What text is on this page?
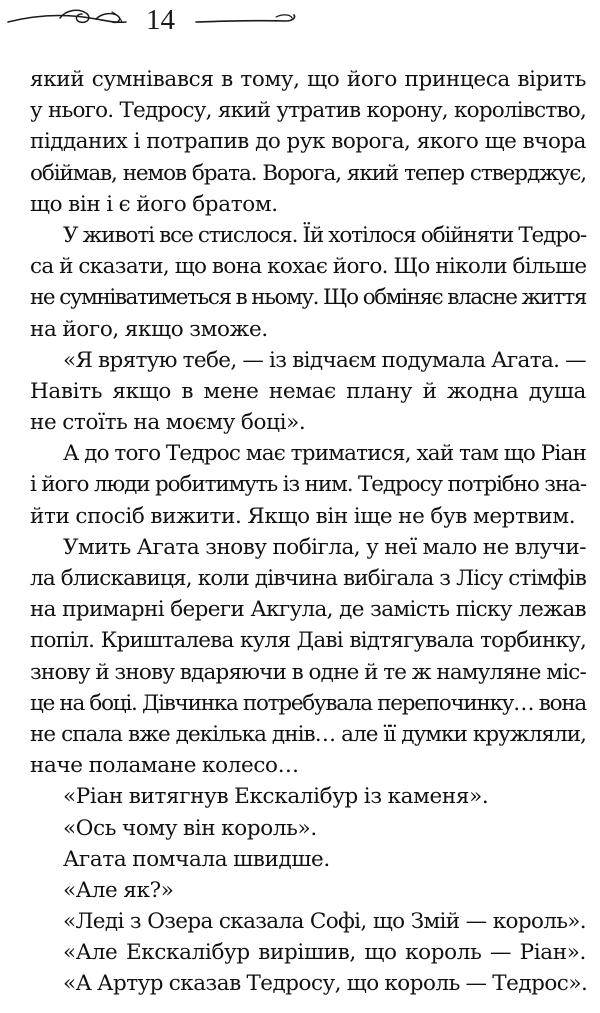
14
який сумнівався в тому, що його принцеса вірить
у нього. Тедросу, який утратив корону, королівство,
підданих і потрапив до рук ворога, якого ще вчора
обіймав, немов брата. Ворога, який тепер стверджує,
що він і є його братом.
У животі все стислося. Їй хотілося обійняти Тедро-
са й сказати, що вона кохає його. Що ніколи більше
не сумніватиметься в ньому. Що обміняє власне життя
на його, якщо зможе.
«Я врятую тебе, — із відчаєм подумала Агата. —
Навіть якщо в мене немає плану й жодна душа
не стоїть на моєму боці».
А до того Тедрос має триматися, хай там що Ріан
і його люди робитимуть із ним. Тедросу потрібно зна-
йти спосіб вижити. Якщо він іще не був мертвим.
Умить Агата знову побігла, у неї мало не влучи-
ла блискавиця, коли дівчина вибігала з Лісу стімфів
на примарні береги Акгула, де замість піску лежав
попіл. Кришталева куля Даві відтягувала торбинку,
знову й знову вдаряючи в одне й те ж намуляне міс-
це на боці. Дівчинка потребувала перепочинку… вона
не спала вже декілька днів… але її думки кружляли,
наче поламане колесо…
«Ріан витягнув Екскалібур із каменя».
«Ось чому він король».
Агата помчала швидше.
«Але як?»
«Леді з Озера сказала Софі, що Змій — король».
«Але Екскалібур вирішив, що король — Ріан».
«А Артур сказав Тедросу, що король — Тедрос».
